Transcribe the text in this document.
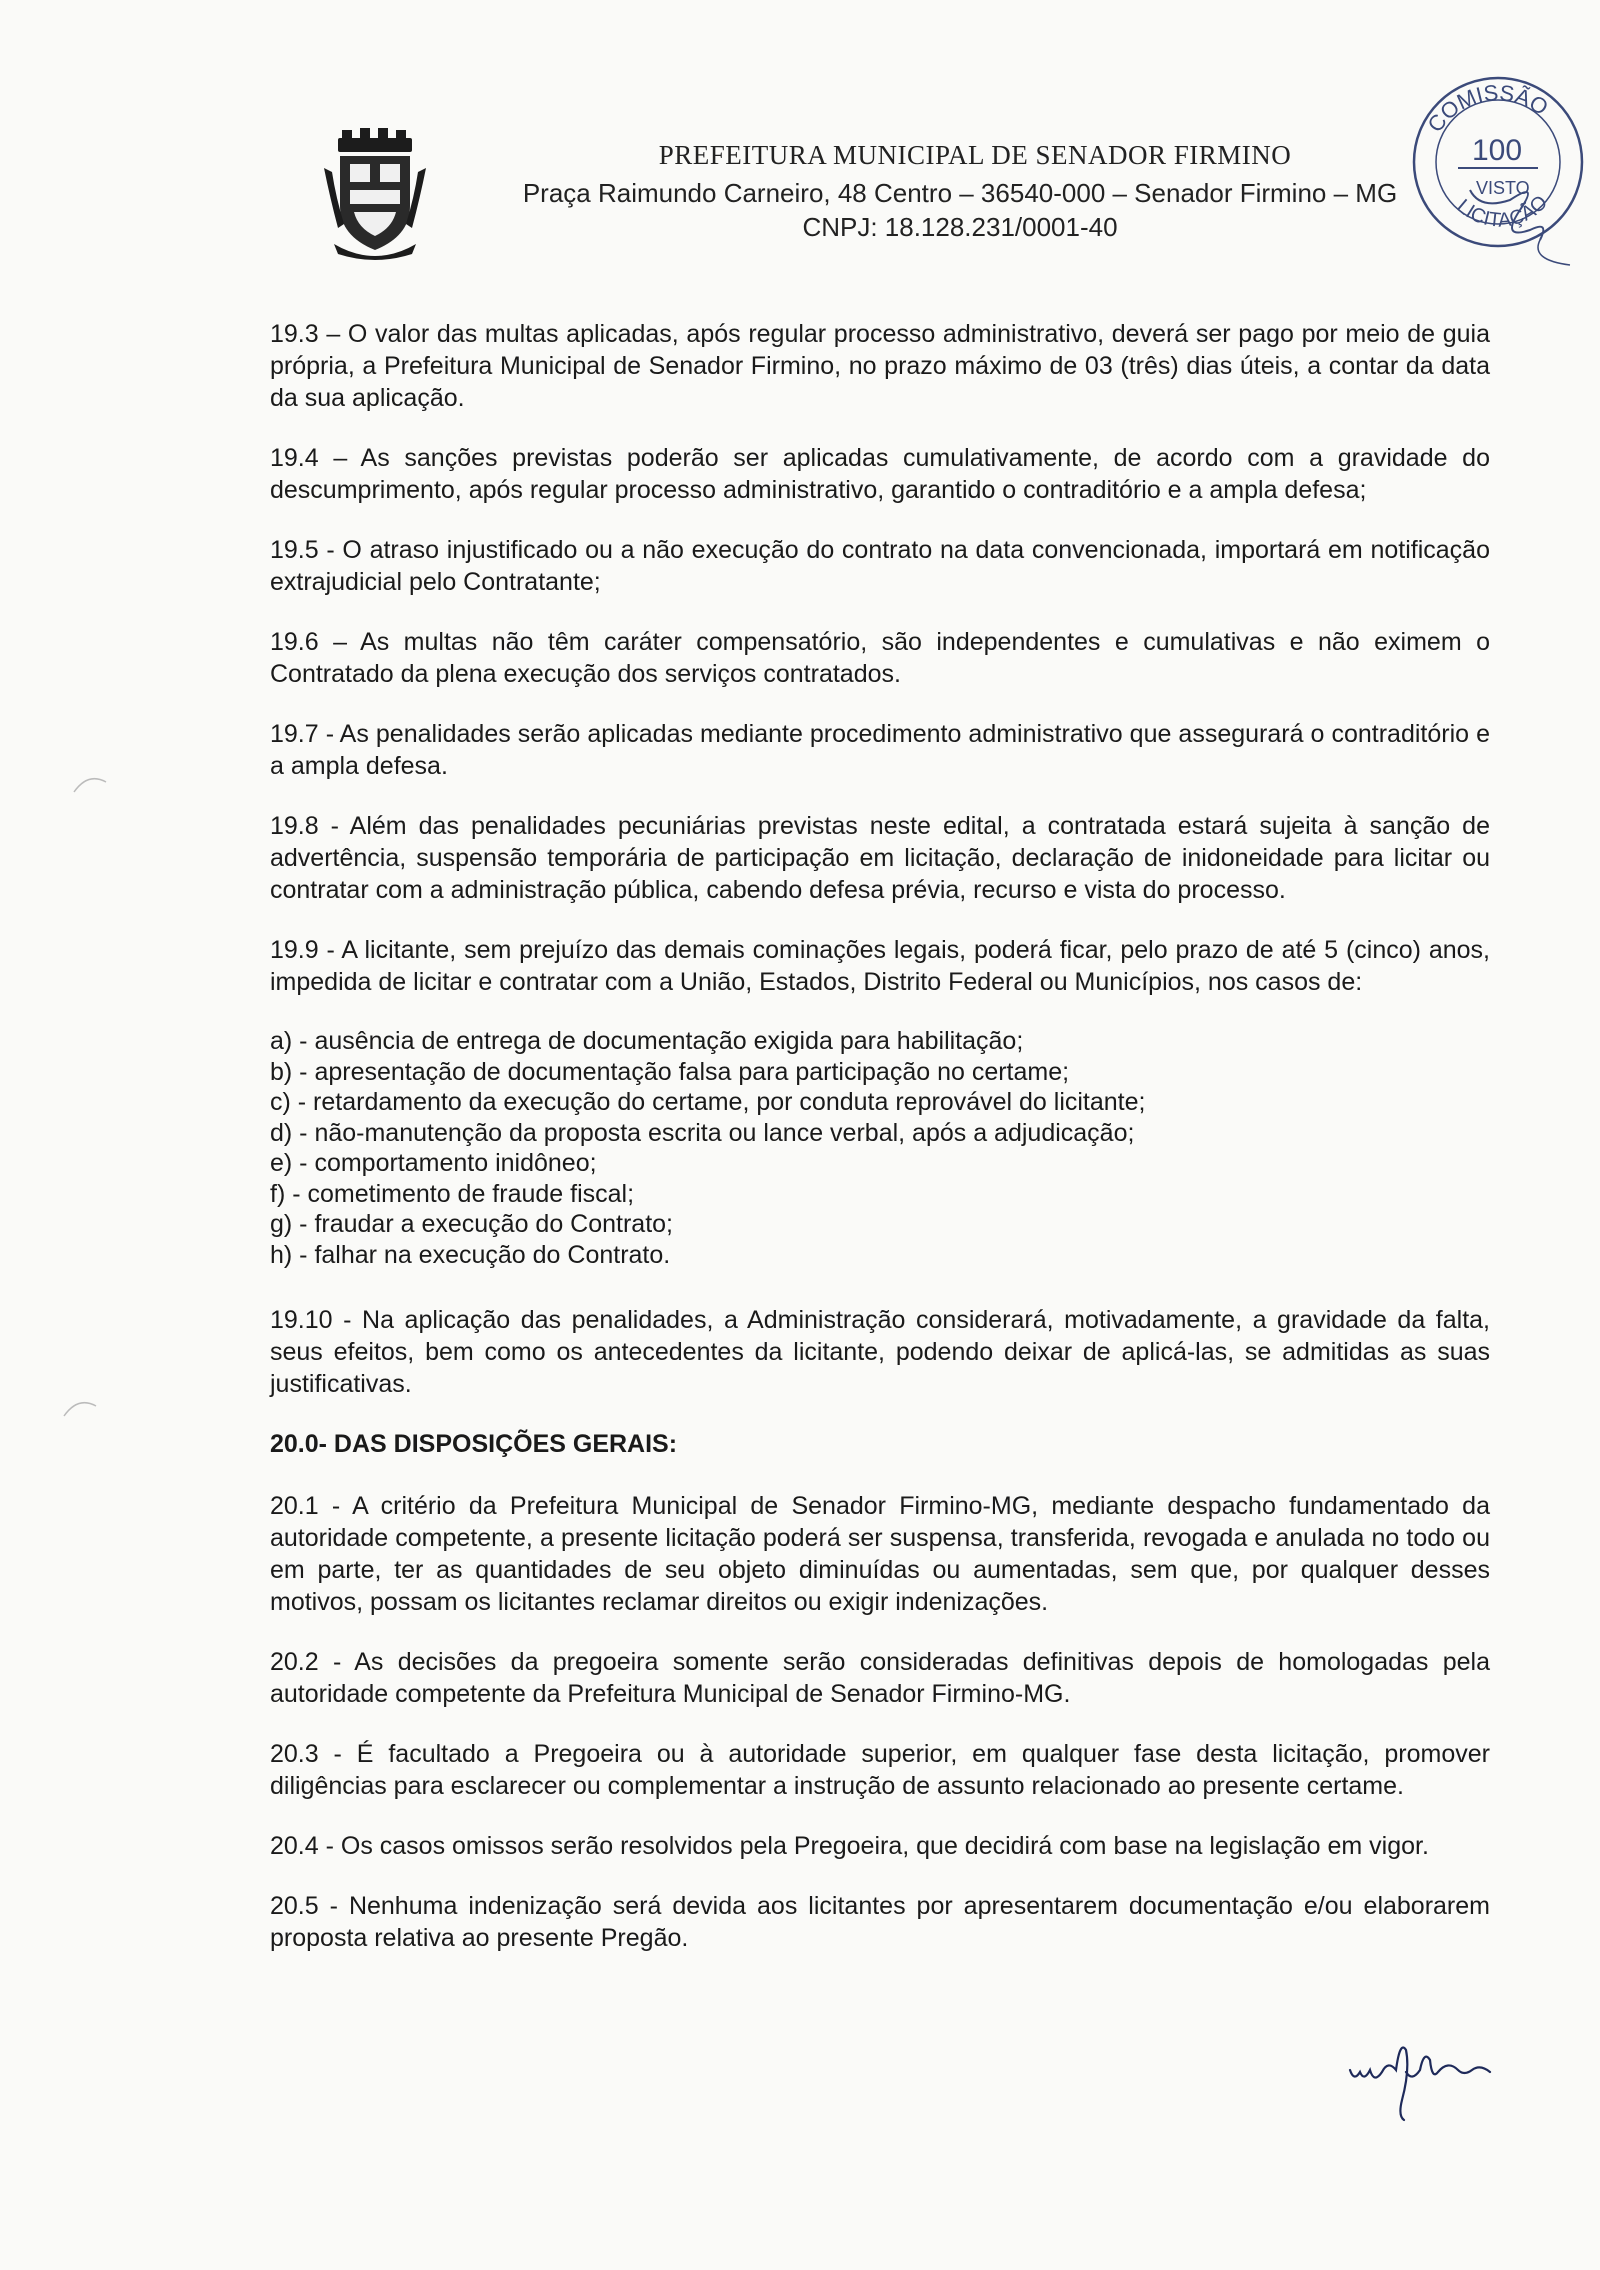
PREFEITURA MUNICIPAL DE SENADOR FIRMINO
Praça Raimundo Carneiro, 48 Centro – 36540-000 – Senador Firmino – MG
CNPJ: 18.128.231/0001-40
COMISSÃO
LICITAÇÃO
100
VISTO

19.3 – O valor das multas aplicadas, após regular processo administrativo, deverá ser pago por meio de guia própria, a Prefeitura Municipal de Senador Firmino, no prazo máximo de 03 (três) dias úteis, a contar da data da sua aplicação.

19.4 – As sanções previstas poderão ser aplicadas cumulativamente, de acordo com a gravidade do descumprimento, após regular processo administrativo, garantido o contraditório e a ampla defesa;

19.5 - O atraso injustificado ou a não execução do contrato na data convencionada, importará em notificação extrajudicial pelo Contratante;

19.6 – As multas não têm caráter compensatório, são independentes e cumulativas e não eximem o Contratado da plena execução dos serviços contratados.

19.7 - As penalidades serão aplicadas mediante procedimento administrativo que assegurará o contraditório e a ampla defesa.

19.8 - Além das penalidades pecuniárias previstas neste edital, a contratada estará sujeita à sanção de advertência, suspensão temporária de participação em licitação, declaração de inidoneidade para licitar ou contratar com a administração pública, cabendo defesa prévia, recurso e vista do processo.

19.9 - A licitante, sem prejuízo das demais cominações legais, poderá ficar, pelo prazo de até 5 (cinco) anos, impedida de licitar e contratar com a União, Estados, Distrito Federal ou Municípios, nos casos de:

a) - ausência de entrega de documentação exigida para habilitação;
b) - apresentação de documentação falsa para participação no certame;
c) - retardamento da execução do certame, por conduta reprovável do licitante;
d) - não-manutenção da proposta escrita ou lance verbal, após a adjudicação;
e) - comportamento inidôneo;
f) - cometimento de fraude fiscal;
g) - fraudar a execução do Contrato;
h) - falhar na execução do Contrato.

19.10 - Na aplicação das penalidades, a Administração considerará, motivadamente, a gravidade da falta, seus efeitos, bem como os antecedentes da licitante, podendo deixar de aplicá-las, se admitidas as suas justificativas.

20.0- DAS DISPOSIÇÕES GERAIS:

20.1 - A critério da Prefeitura Municipal de Senador Firmino-MG, mediante despacho fundamentado da autoridade competente, a presente licitação poderá ser suspensa, transferida, revogada e anulada no todo ou em parte, ter as quantidades de seu objeto diminuídas ou aumentadas, sem que, por qualquer desses motivos, possam os licitantes reclamar direitos ou exigir indenizações.

20.2 - As decisões da pregoeira somente serão consideradas definitivas depois de homologadas pela autoridade competente da Prefeitura Municipal de Senador Firmino-MG.

20.3 - É facultado a Pregoeira ou à autoridade superior, em qualquer fase desta licitação, promover diligências para esclarecer ou complementar a instrução de assunto relacionado ao presente certame.

20.4 - Os casos omissos serão resolvidos pela Pregoeira, que decidirá com base na legislação em vigor.

20.5 - Nenhuma indenização será devida aos licitantes por apresentarem documentação e/ou elaborarem proposta relativa ao presente Pregão.
